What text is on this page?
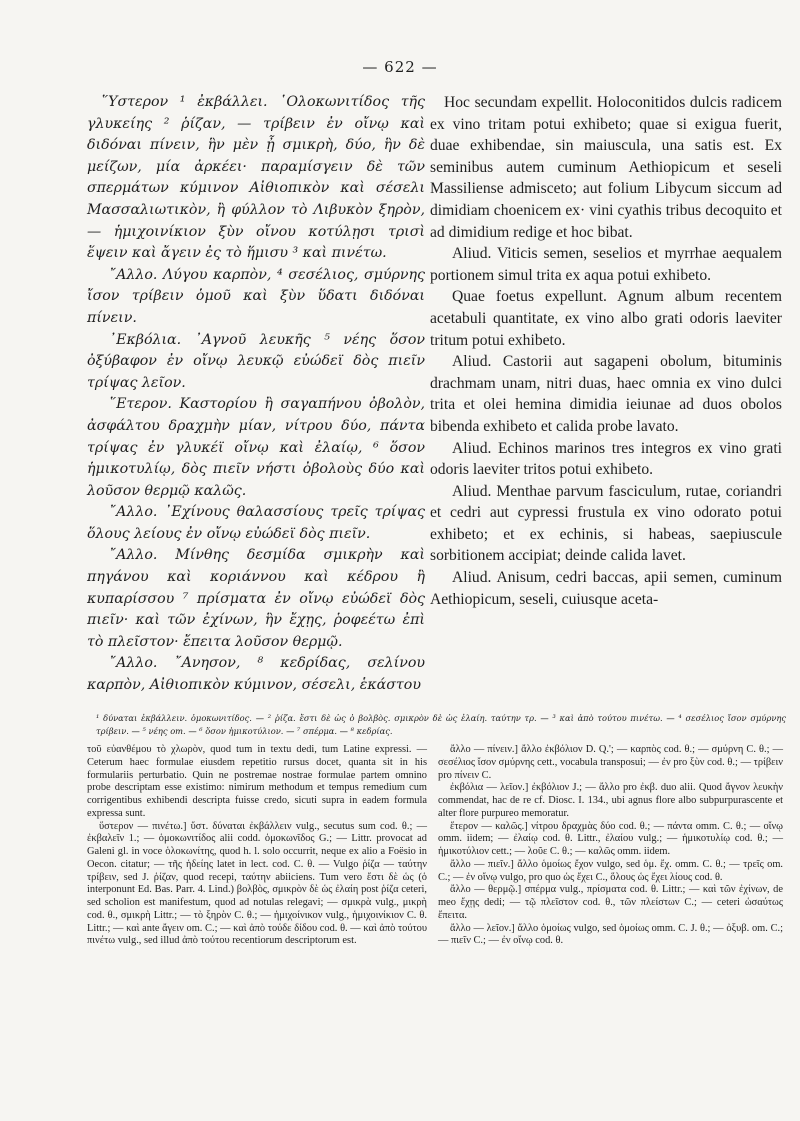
— 622 —

῞Υστερον ¹ ἐκβάλλει. ῾Ολοκωνιτίδος τῆς γλυκείης ² ῥίζαν, — τρίβειν ἐν οἴνῳ καὶ διδόναι πίνειν, ἣν μὲν ᾖ σμικρὴ, δύο, ἣν δὲ μείζων, μία ἀρκέει· παραμίσγειν δὲ τῶν σπερμάτων κύμινον Αἰθιοπικὸν καὶ σέσελι Μασσαλιωτικὸν, ἢ φύλλον τὸ Λιβυκὸν ξηρὸν, — ἡμιχοινίκιον ξὺν οἴνου κοτύλῃσι τρισὶ ἕψειν καὶ ἄγειν ἐς τὸ ἥμισυ ³ καὶ πινέτω.

῎Αλλο. Λύγου καρπὸν, ⁴ σεσέλιος, σμύρνης ἴσον τρίβειν ὁμοῦ καὶ ξὺν ὕδατι διδόναι πίνειν.

᾿Εκβόλια. ᾿Αγνοῦ λευκῆς ⁵ νέης ὅσον ὀξύβαφον ἐν οἴνῳ λευκῷ εὐώδεϊ δὸς πιεῖν τρίψας λεῖον.

῞Ετερον. Καστορίου ἢ σαγαπήνου ὀβολὸν, ἀσφάλτου δραχμὴν μίαν, νίτρου δύο, πάντα τρίψας ἐν γλυκέϊ οἴνῳ καὶ ἐλαίῳ, ⁶ ὅσον ἡμικοτυλίῳ, δὸς πιεῖν νήστι ὀβολοὺς δύο καὶ λοῦσον θερμῷ καλῶς.

῎Αλλο. ᾿Εχίνους θαλασσίους τρεῖς τρίψας ὅλους λείους ἐν οἴνῳ εὐώδεϊ δὸς πιεῖν.

῎Αλλο. Μίνθης δεσμίδα σμικρὴν καὶ πηγάνου καὶ κοριάννου καὶ κέδρου ἢ κυπαρίσσου ⁷ πρίσματα ἐν οἴνῳ εὐώδεϊ δὸς πιεῖν· καὶ τῶν ἐχίνων, ἣν ἔχῃς, ῥοφεέτω ἐπὶ τὸ πλεῖστον· ἔπειτα λοῦσον θερμῷ.

῎Αλλο. ῎Ανησον, ⁸ κεδρίδας, σελίνου καρπὸν, Αἰθιοπικὸν κύμινον, σέσελι, ἑκάστου

Hoc secundam expellit. Holoconitidos dulcis radicem ex vino tritam potui exhibeto; quae si exigua fuerit, duae exhibendae, sin maiuscula, una satis est. Ex seminibus autem cuminum Aethiopicum et seseli Massiliense admisceto; aut folium Libycum siccum ad dimidiam choenicem ex· vini cyathis tribus decoquito et ad dimidium redige et hoc bibat.

Aliud. Viticis semen, seselios et myrrhae aequalem portionem simul trita ex aqua potui exhibeto.

Quae foetus expellunt. Agnum album recentem acetabuli quantitate, ex vino albo grati odoris laeviter tritum potui exhibeto.

Aliud. Castorii aut sagapeni obolum, bituminis drachmam unam, nitri duas, haec omnia ex vino dulci trita et olei hemina dimidia ieiunae ad duos obolos bibenda exhibeto et calida probe lavato.

Aliud. Echinos marinos tres integros ex vino grati odoris laeviter tritos potui exhibeto.

Aliud. Menthae parvum fasciculum, rutae, coriandri et cedri aut cypressi frustula ex vino odorato potui exhibeto; et ex echinis, si habeas, saepiuscule sorbitionem accipiat; deinde calida lavet.

Aliud. Anisum, cedri baccas, apii semen, cuminum Aethiopicum, seseli, cuiusque aceta-

¹ δύναται ἐκβάλλειν. ὁμοκωνιτίδος. — ² ῥίζα. ἔστι δὲ ὡς ὁ βολβὸς. σμικρὸν δὲ ὡς ἐλαίη. ταύτην τρ. — ³ καὶ ἀπὸ τούτου πινέτω. — ⁴ σεσέλιος ἴσον σμύρνης τρίβειν. — ⁵ νέης om. — ⁶ ὅσον ἡμικοτύλιον. — ⁷ σπέρμα. — ⁸ κεδρίας.

τοῦ εὐανθέμου τὸ χλωρὸν, quod tum in textu dedi, tum Latine expressi. — Ceterum haec formulae eiusdem repetitio rursus docet, quanta sit in his formulariis perturbatio. Quin ne postremae nostrae formulae partem omnino probe descriptam esse existimo: nimirum methodum et tempus remedium cum corrigentibus exhibendi descripta fuisse credo, sicuti supra in eadem formula expressa sunt.

ὕστερον — πινέτω.] ὕστ. δύναται ἐκβάλλειν vulg., secutus sum cod. θ.; — ἐκβαλεῖν 1.; — ὁμοκωνιτίδος alii codd. ὁμοκωνῖδος G.; — Littr. provocat ad Galeni gl. in voce ὁλοκωνίτης, quod h. l. solo occurrit, neque ex alio a Foësio in Oecon. citatur; — τῆς ἡδείης latet in lect. cod. C. θ. — Vulgo ῥίζα — ταύτην τρίβειν, sed J. ῥίζαν, quod recepi, ταύτην abiiciens. Tum vero ἔστι δὲ ὡς (ὁ interponunt Ed. Bas. Parr. 4. Lind.) βολβὸς, σμικρὸν δὲ ὡς ἐλαίη post ῥίζα ceteri, sed scholion est manifestum, quod ad notulas relegavi; — σμικρὰ vulg., μικρὴ cod. θ., σμικρὴ Littr.; — τὸ ξηρὸν C. θ.; — ἡμιχοίνικον vulg., ἡμιχοινίκιον C. θ. Littr.; — καὶ ante ἄγειν om. C.; — καὶ ἀπὸ τούδε δίδου cod. θ. — καὶ ἀπὸ τούτου πινέτω vulg., sed illud ἀπὸ τούτου recentiorum descriptorum est.

ἄλλο — πίνειν.] ἄλλο ἐκβόλιον D. Q.'; — καρπὸς cod. θ.; — σμύρνη C. θ.; — σεσέλιος ἴσον σμύρνης cett., vocabula transposui; — ἐν pro ξὺν cod. θ.; — τρίβειν pro πίνειν C.

ἐκβόλια — λεῖον.] ἐκβόλιον J.; — ἄλλο pro ἐκβ. duo alii. Quod ἄγνον λευκὴν commendat, hac de re cf. Diosc. I. 134., ubi agnus flore albo subpurpurascente et alter flore purpureo memoratur.

ἕτερον — καλῶς.] νίτρου δραχμὰς δύο cod. θ.; — πάντα omm. C. θ.; — οἴνῳ omm. iidem; — ἐλαίῳ cod. θ. Littr., ἐλαίου vulg.; — ἡμικοτυλίῳ cod. θ.; — ἡμικοτύλιον cett.; — λοῦε C. θ.; — καλῶς omm. iidem.

ἄλλο — πιεῖν.] ἄλλο ὁμοίως ἔχον vulgo, sed ὁμ. ἔχ. omm. C. θ.; — τρεῖς om. C.; — ἐν οἴνῳ vulgo, pro quo ὡς ἔχει C., ὅλους ὡς ἔχει λίους cod. θ.

ἄλλο — θερμῷ.] σπέρμα vulg., πρίσματα cod. θ. Littr.; — καὶ τῶν ἐχίνων, de meo ἔχῃς dedi; — τῷ πλεῖστον cod. θ., τῶν πλείστων C.; — ceteri ὡσαύτως ἔπειτα.

ἄλλο — λεῖον.] ἄλλο ὁμοίως vulgo, sed ὁμοίως omm. C. J. θ.; — ὀξυβ. om. C.; — πιεῖν C.; — ἐν οἴνῳ cod. θ.
